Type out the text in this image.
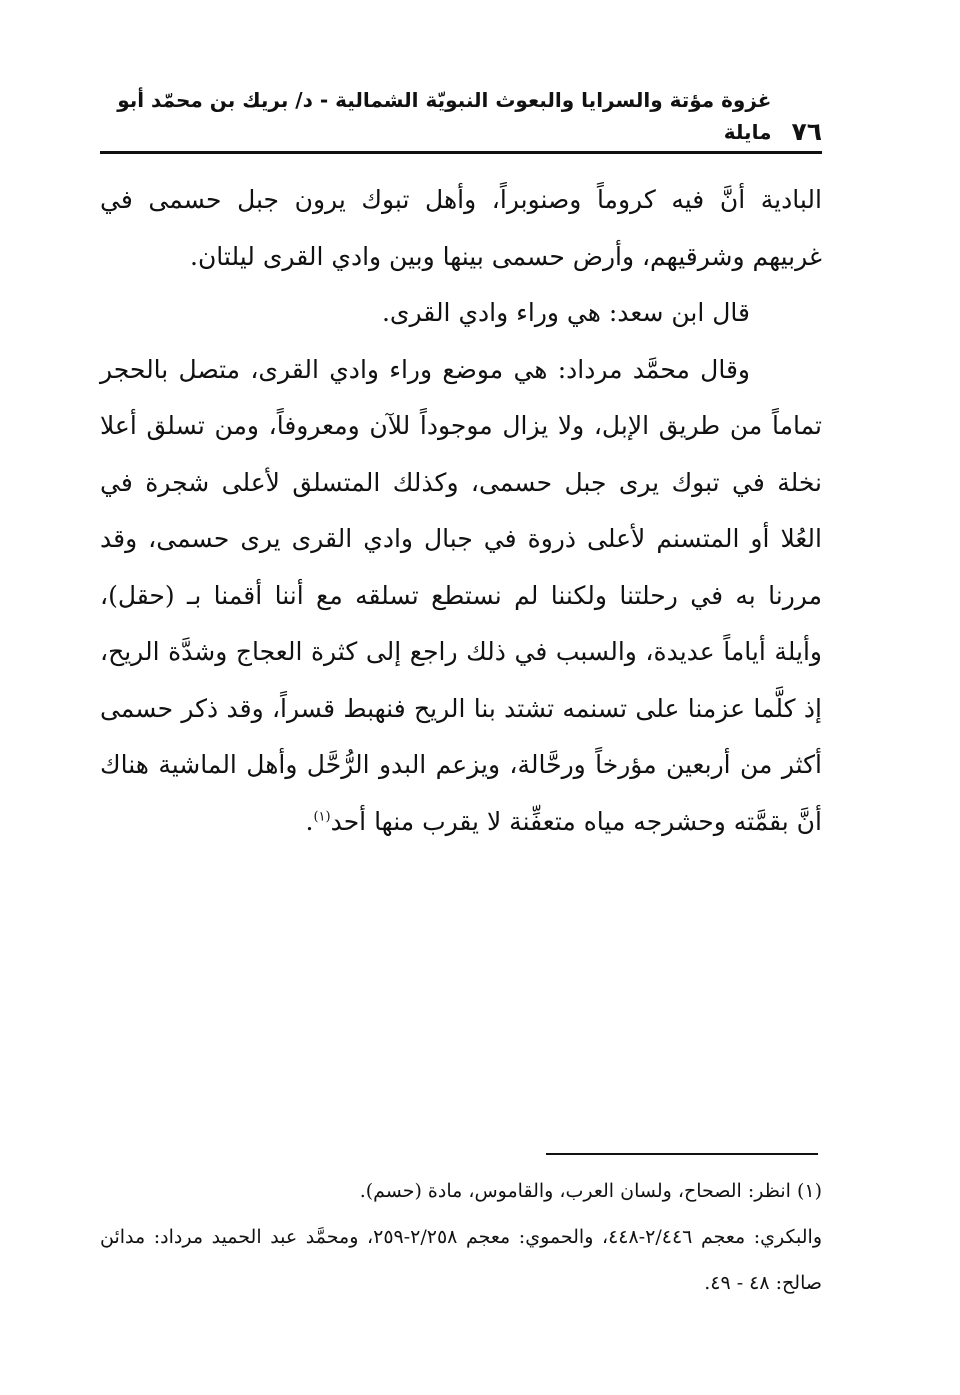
٧٦
غزوة مؤتة والسرايا والبعوث النبويّة الشمالية - د/ بريك بن محمّد أبو مايلة

البادية أنَّ فيه كروماً وصنوبراً، وأهل تبوك يرون جبل حسمى في غربيهم وشرقيهم، وأرض حسمى بينها وبين وادي القرى ليلتان.

قال ابن سعد: هي وراء وادي القرى.

وقال محمَّد مرداد: هي موضع وراء وادي القرى، متصل بالحجر تماماً من طريق الإبل، ولا يزال موجوداً للآن ومعروفاً، ومن تسلق أعلا نخلة في تبوك يرى جبل حسمى، وكذلك المتسلق لأعلى شجرة في العُلا أو المتسنم لأعلى ذروة في جبال وادي القرى يرى حسمى، وقد مررنا به في رحلتنا ولكننا لم نستطع تسلقه مع أننا أقمنا بـ (حقل)، وأيلة أياماً عديدة، والسبب في ذلك راجع إلى كثرة العجاج وشدَّة الريح، إذ كلَّما عزمنا على تسنمه تشتد بنا الريح فنهبط قسراً، وقد ذكر حسمى أكثر من أربعين مؤرخاً ورحَّالة، ويزعم البدو الرُّحَّل وأهل الماشية هناك أنَّ بقمَّته وحشرجه مياه متعفِّنة لا يقرب منها أحد$^{(١)}$.

(١) انظر: الصحاح، ولسان العرب، والقاموس، مادة (حسم).

والبكري: معجم ٢/٤٤٦-٤٤٨، والحموي: معجم ٢/٢٥٨-٢٥٩، ومحمَّد عبد الحميد مرداد: مدائن صالح: ٤٨ - ٤٩.
